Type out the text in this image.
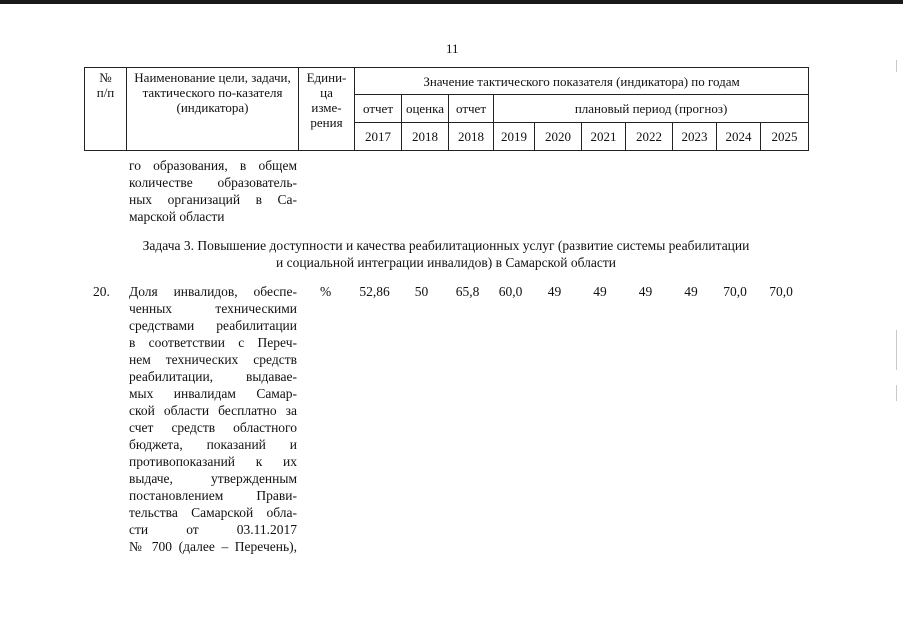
11
№
п/п	Наименование цели, задачи, тактического по-казателя (индикатора)	Едини-
ца
изме-
рения	Значение тактического показателя (индикатора) по годам									
			отчет	оценка	отчет	плановый период (прогноз)						
			2017	2018	2018	2019	2020	2021	2022	2023	2024	2025
го образования, в общем
количестве образователь-
ных организаций в Са-
марской области
Задача 3. Повышение доступности и качества реабилитационных услуг (развитие системы реабилитации
и социальной интеграции инвалидов) в Самарской области
20. Доля инвалидов, обеспе-
ченных техническими
средствами реабилитации
в соответствии с Переч-
нем технических средств
реабилитации, выдавае-
мых инвалидам Самар-
ской области бесплатно за
счет средств областного
бюджета, показаний и
противопоказаний к их
выдаче, утвержденным
постановлением Прави-
тельства Самарской обла-
сти от 03.11.2017
№ 700 (далее – Перечень),
%	52,86	50	65,8	60,0	49	49	49	49	70,0	70,0
